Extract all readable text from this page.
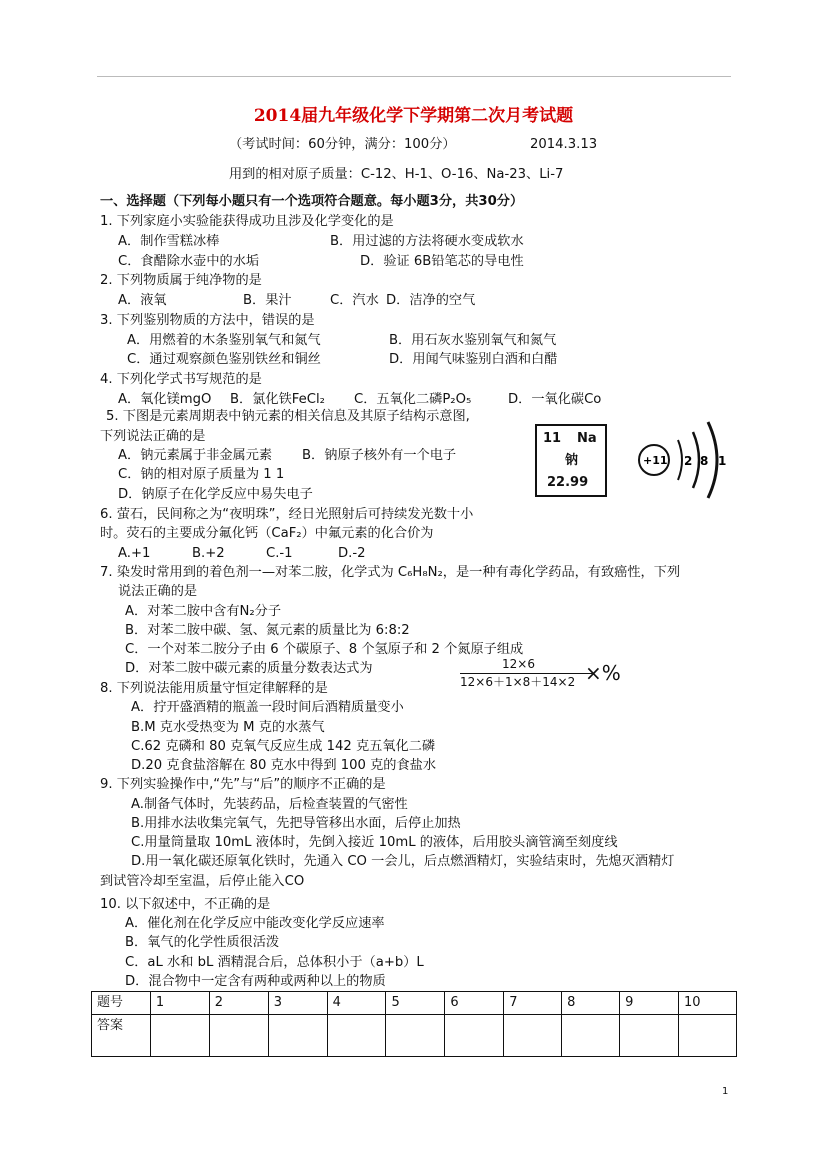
2014届九年级化学下学期第二次月考试题
（考试时间：60分钟，满分：100分）	2014.3.13
用到的相对原子质量：C-12、H-1、O-16、Na-23、Li-7
一、选择题（下列每小题只有一个选项符合题意。每小题3分，共30分）
1. 下列家庭小实验能获得成功且涉及化学变化的是
A．制作雪糕冰棒	B．用过滤的方法将硬水变成软水
C．食醋除水壶中的水垢	D．验证 6B铅笔芯的导电性
2. 下列物质属于纯净物的是
A．液氧	B．果汁	C．汽水 D．洁净的空气
3. 下列鉴别物质的方法中，错误的是
A．用燃着的木条鉴别氧气和氮气	B．用石灰水鉴别氧气和氮气
C．通过观察颜色鉴别铁丝和铜丝	D．用闻气味鉴别白酒和白醋
4. 下列化学式书写规范的是
A．氧化镁mgO B．氯化铁FeCl₂ C．五氧化二磷P₂O₅	D．一氧化碳Co
5. 下图是元素周期表中钠元素的相关信息及其原子结构示意图,
下列说法正确的是
A．钠元素属于非金属元素 B．钠原子核外有一个电子
C．钠的相对原子质量为 1 1
D．钠原子在化学反应中易失电子
11 Na
钠
22.99
+11 2 8 1
6. 萤石，民间称之为“夜明珠”，经日光照射后可持续发光数十小
时。荧石的主要成分氟化钙（CaF₂）中氟元素的化合价为
A.+1	B.+2	C.-1	D.-2
7. 染发时常用到的着色剂一—对苯二胺，化学式为 C₆H₈N₂，是一种有毒化学药品，有致癌性，下列
说法正确的是
A．对苯二胺中含有N₂分子
B．对苯二胺中碳、氢、氮元素的质量比为 6:8:2
C．一个对苯二胺分子由 6 个碳原子、8 个氢原子和 2 个氮原子组成
D．对苯二胺中碳元素的质量分数表达式为	12×6
12×6＋1×8＋14×2 ×%
8. 下列说法能用质量守恒定律解释的是
A．拧开盛酒精的瓶盖一段时间后酒精质量变小
B.M 克水受热变为 M 克的水蒸气
C.62 克磷和 80 克氧气反应生成 142 克五氧化二磷
D.20 克食盐溶解在 80 克水中得到 100 克的食盐水
9. 下列实验操作中,“先”与“后”的顺序不正确的是
A.制备气体时，先装药品，后检查装置的气密性
B.用排水法收集完氧气，先把导管移出水面，后停止加热
C.用量筒量取 10mL 液体时，先倒入接近 10mL 的液体，后用胶头滴管滴至刻度线
D.用一氧化碳还原氧化铁时，先通入 CO 一会儿，后点燃酒精灯，实验结束时，先熄灭酒精灯
到试管冷却至室温，后停止能入CO
10. 以下叙述中，不正确的是
A．催化剂在化学反应中能改变化学反应速率
B．氧气的化学性质很活泼
C．aL 水和 bL 酒精混合后，总体积小于（a+b）L
D．混合物中一定含有两种或两种以上的物质
题号	1	2	3	4	5	6	7	8	9	10
答案										
1
